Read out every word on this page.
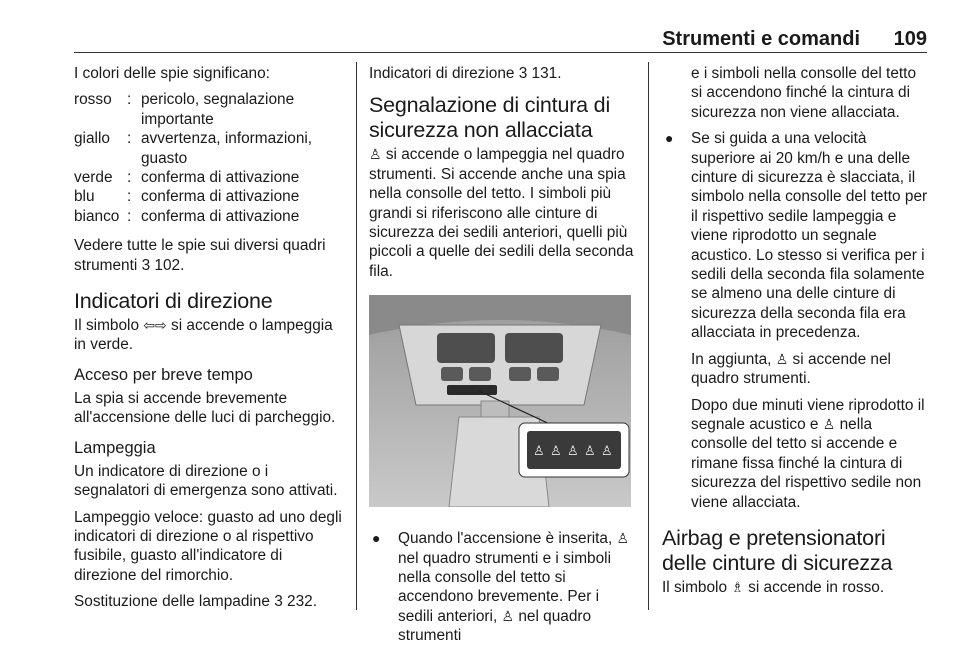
Strumenti e comandi 109

I colori delle spie significano:

rosso	:	pericolo, segnalazione importante
giallo	:	avvertenza, informazioni, guasto
verde	:	conferma di attivazione
blu	:	conferma di attivazione
bianco	:	conferma di attivazione

Vedere tutte le spie sui diversi quadri strumenti 3 102.

Indicatori di direzione

Il simbolo ⇦⇨ si accende o lampeggia in verde.

Acceso per breve tempo

La spia si accende brevemente all'accensione delle luci di parcheggio.

Lampeggia

Un indicatore di direzione o i segnalatori di emergenza sono attivati.

Lampeggio veloce: guasto ad uno degli indicatori di direzione o al rispettivo fusibile, guasto all'indicatore di direzione del rimorchio.

Sostituzione delle lampadine 3 232.

Indicatori di direzione 3 131.

Segnalazione di cintura di sicurezza non allacciata

♙ si accende o lampeggia nel quadro strumenti. Si accende anche una spia nella consolle del tetto. I simboli più grandi si riferiscono alle cinture di sicurezza dei sedili anteriori, quelli più piccoli a quelle dei sedili della seconda fila.

♙ ♙ ♙ ♙ ♙
● Quando l'accensione è inserita, ♙ nel quadro strumenti e i simboli nella consolle del tetto si accendono brevemente. Per i sedili anteriori, ♙ nel quadro strumenti

e i simboli nella consolle del tetto si accendono finché la cintura di sicurezza non viene allacciata.

● Se si guida a una velocità superiore ai 20 km/h e una delle cinture di sicurezza è slacciata, il simbolo nella consolle del tetto per il rispettivo sedile lampeggia e viene riprodotto un segnale acustico. Lo stesso si verifica per i sedili della seconda fila solamente se almeno una delle cinture di sicurezza della seconda fila era allacciata in precedenza.

In aggiunta, ♙ si accende nel quadro strumenti.

Dopo due minuti viene riprodotto il segnale acustico e ♙ nella consolle del tetto si accende e rimane fissa finché la cintura di sicurezza del rispettivo sedile non viene allacciata.

Airbag e pretensionatori delle cinture di sicurezza

Il simbolo ♗ si accende in rosso.
